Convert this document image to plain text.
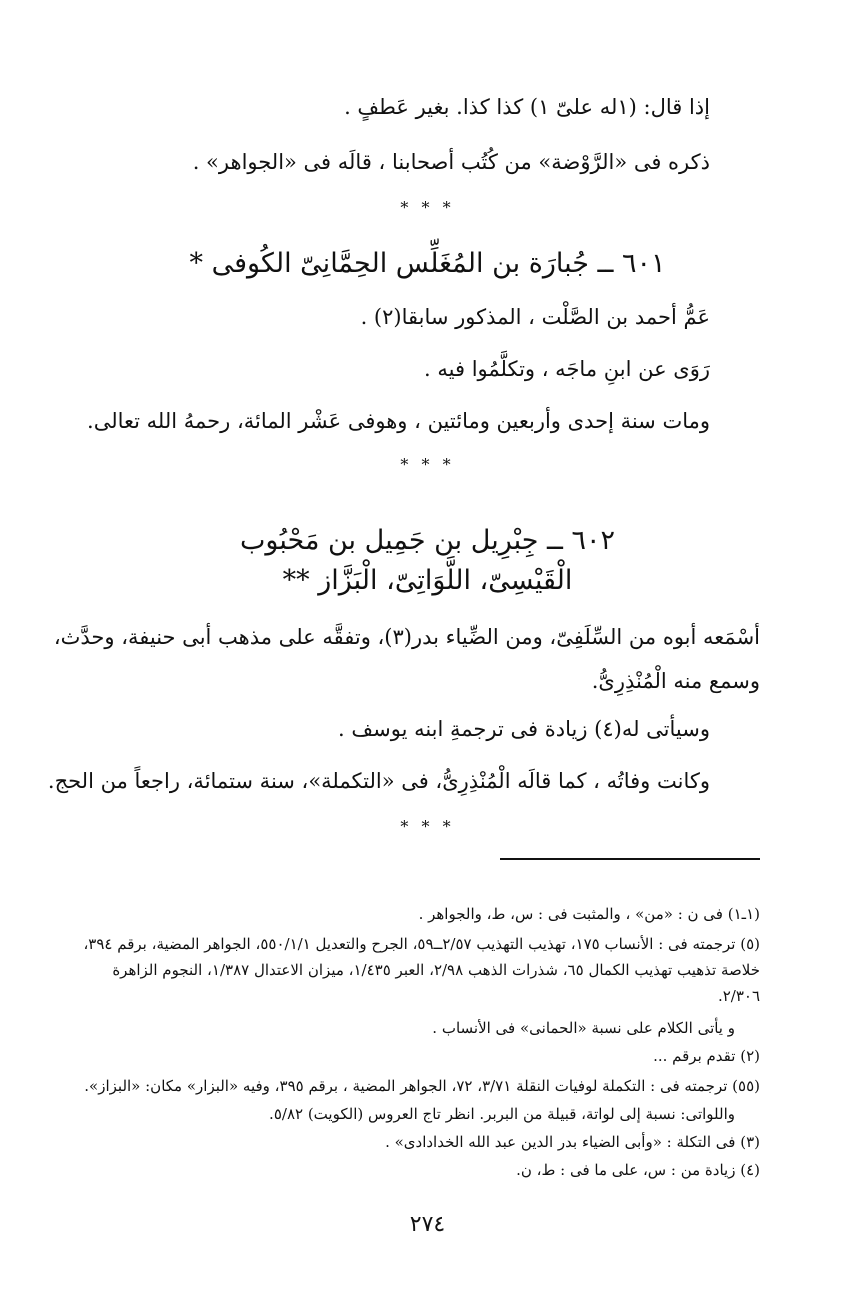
إذا قال: (١له علىّ ١) كذا كذا. بغير عَطفٍ .
ذكره فى «الرَّوْضة» من كُتُب أصحابنا ، قالَه فى «الجواهر» .
* * *
٦٠١ ــ جُبارَة بن المُغَلِّس الحِمَّانِىّ الكُوفى *
عَمُّ أحمد بن الصَّلْت ، المذكور سابقا(٢) .
رَوَى عن ابنِ ماجَه ، وتكلَّمُوا فيه .
ومات سنة إحدى وأربعين ومائتين ، وهوفى عَشْر المائة، رحمهُ الله تعالى.
* * *
٦٠٢ ــ جِبْرِيل بن جَمِيل بن مَحْبُوب
الْقَيْسِىّ، اللَّوَاتِىّ، الْبَزَّاز **
أسْمَعه أبوه من السِّلَفِىّ، ومن الضِّياء بدر(٣)، وتفقَّه على مذهب أبى حنيفة، وحدَّث،
وسمع منه الْمُنْذِرِىُّ.
وسيأتى له(٤) زيادة فى ترجمةِ ابنه يوسف .
وكانت وفاتُه ، كما قالَه الْمُنْذِرِىُّ، فى «التكملة»، سنة ستمائة، راجعاً من الحج.
* * *
(١ـ١) فى ن : «من» ، والمثبت فى : س، ط، والجواهر .
(٥) ترجمته فى : الأنساب ١٧٥، تهذيب التهذيب ٢/٥٧ــ٥٩، الجرح والتعديل ٥٥٠/١/١، الجواهر المضية، برقم ٣٩٤،
خلاصة تذهيب تهذيب الكمال ٦٥، شذرات الذهب ٢/٩٨، العبر ١/٤٣٥، ميزان الاعتدال ١/٣٨٧، النجوم الزاهرة
٢/٣٠٦.
و يأتى الكلام على نسبة «الحمانى» فى الأنساب .
(٢) تقدم برقم ...
(٥٥) ترجمته فى : التكملة لوفيات النقلة ٣/٧١، ٧٢، الجواهر المضية ، برقم ٣٩٥، وفيه «البزار» مكان: «البزاز».
واللواتى: نسبة إلى لواتة، قبيلة من البربر. انظر تاج العروس (الكويت) ٥/٨٢.
(٣) فى التكلة : «وأبى الضياء بدر الدين عبد الله الخدادادى» .
(٤) زيادة من : س، على ما فى : ط، ن.
٢٧٤
